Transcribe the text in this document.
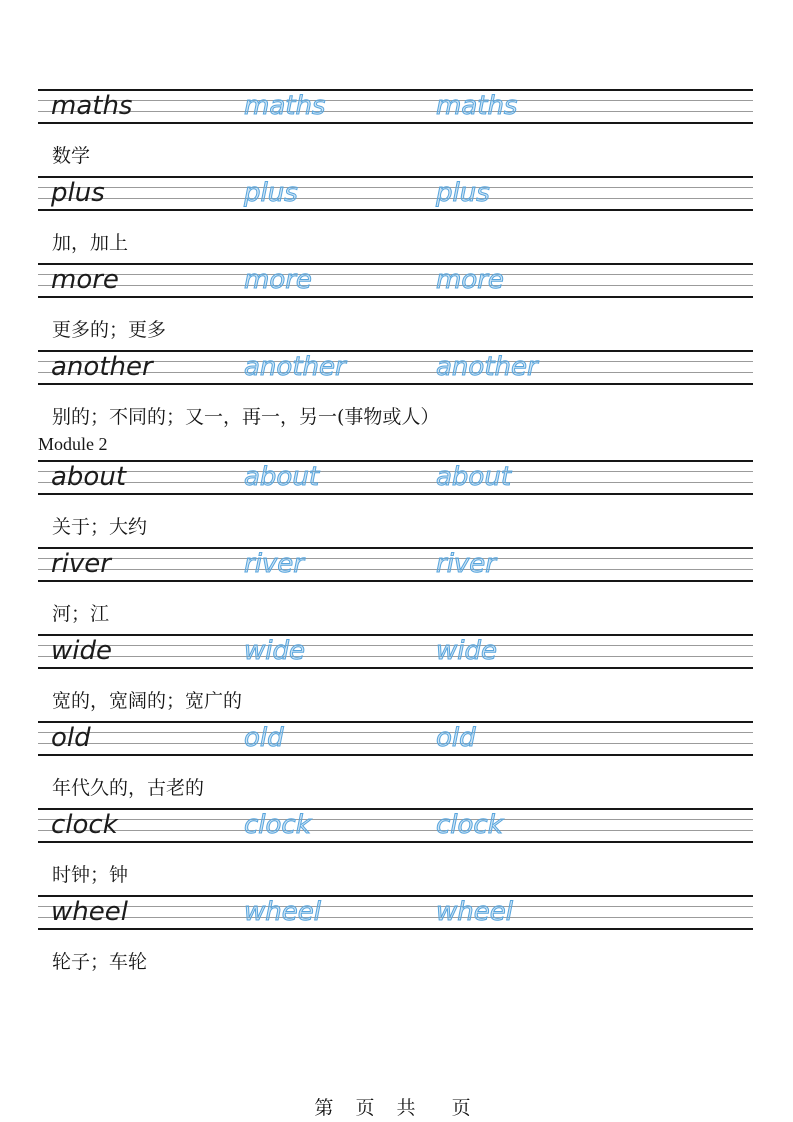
maths	maths	maths
数学
plus	plus	plus
加，加上
more	more	more
更多的；更多
another	another	another
别的；不同的；又一，再一，另一(事物或人）
Module 2
about	about	about
关于；大约
river	river	river
河；江
wide	wide	wide
宽的，宽阔的；宽广的
old	old	old
年代久的，古老的
clock	clock	clock
时钟；钟
wheel	wheel	wheel
轮子；车轮
第 页 共  页
